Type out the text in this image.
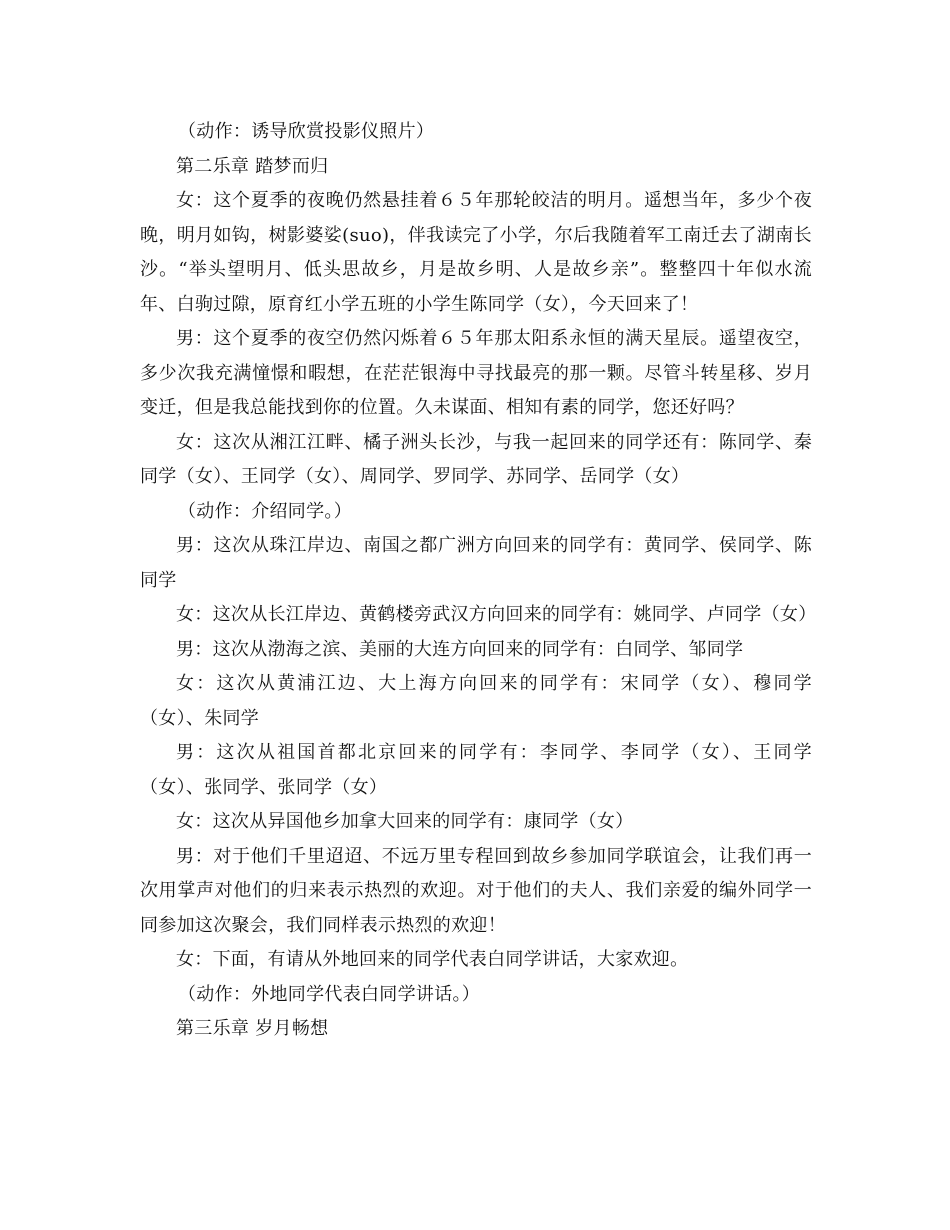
（动作：诱导欣赏投影仪照片）

第二乐章 踏梦而归

女：这个夏季的夜晚仍然悬挂着６５年那轮皎洁的明月。遥想当年，多少个夜晚，明月如钩，树影婆娑(suo)，伴我读完了小学，尔后我随着军工南迁去了湖南长沙。“举头望明月、低头思故乡，月是故乡明、人是故乡亲”。整整四十年似水流年、白驹过隙，原育红小学五班的小学生陈同学（女），今天回来了！

男：这个夏季的夜空仍然闪烁着６５年那太阳系永恒的满天星辰。遥望夜空，多少次我充满憧憬和暇想，在茫茫银海中寻找最亮的那一颗。尽管斗转星移、岁月变迁，但是我总能找到你的位置。久未谋面、相知有素的同学，您还好吗？

女：这次从湘江江畔、橘子洲头长沙，与我一起回来的同学还有：陈同学、秦同学（女）、王同学（女）、周同学、罗同学、苏同学、岳同学（女）

（动作：介绍同学。）

男：这次从珠江岸边、南国之都广洲方向回来的同学有：黄同学、侯同学、陈同学

女：这次从长江岸边、黄鹤楼旁武汉方向回来的同学有：姚同学、卢同学（女）

男：这次从渤海之滨、美丽的大连方向回来的同学有：白同学、邹同学

女：这次从黄浦江边、大上海方向回来的同学有：宋同学（女）、穆同学（女）、朱同学

男：这次从祖国首都北京回来的同学有：李同学、李同学（女）、王同学（女）、张同学、张同学（女）

女：这次从异国他乡加拿大回来的同学有：康同学（女）

男：对于他们千里迢迢、不远万里专程回到故乡参加同学联谊会，让我们再一次用掌声对他们的归来表示热烈的欢迎。对于他们的夫人、我们亲爱的编外同学一同参加这次聚会，我们同样表示热烈的欢迎！

女：下面，有请从外地回来的同学代表白同学讲话，大家欢迎。

（动作：外地同学代表白同学讲话。）

第三乐章 岁月畅想
